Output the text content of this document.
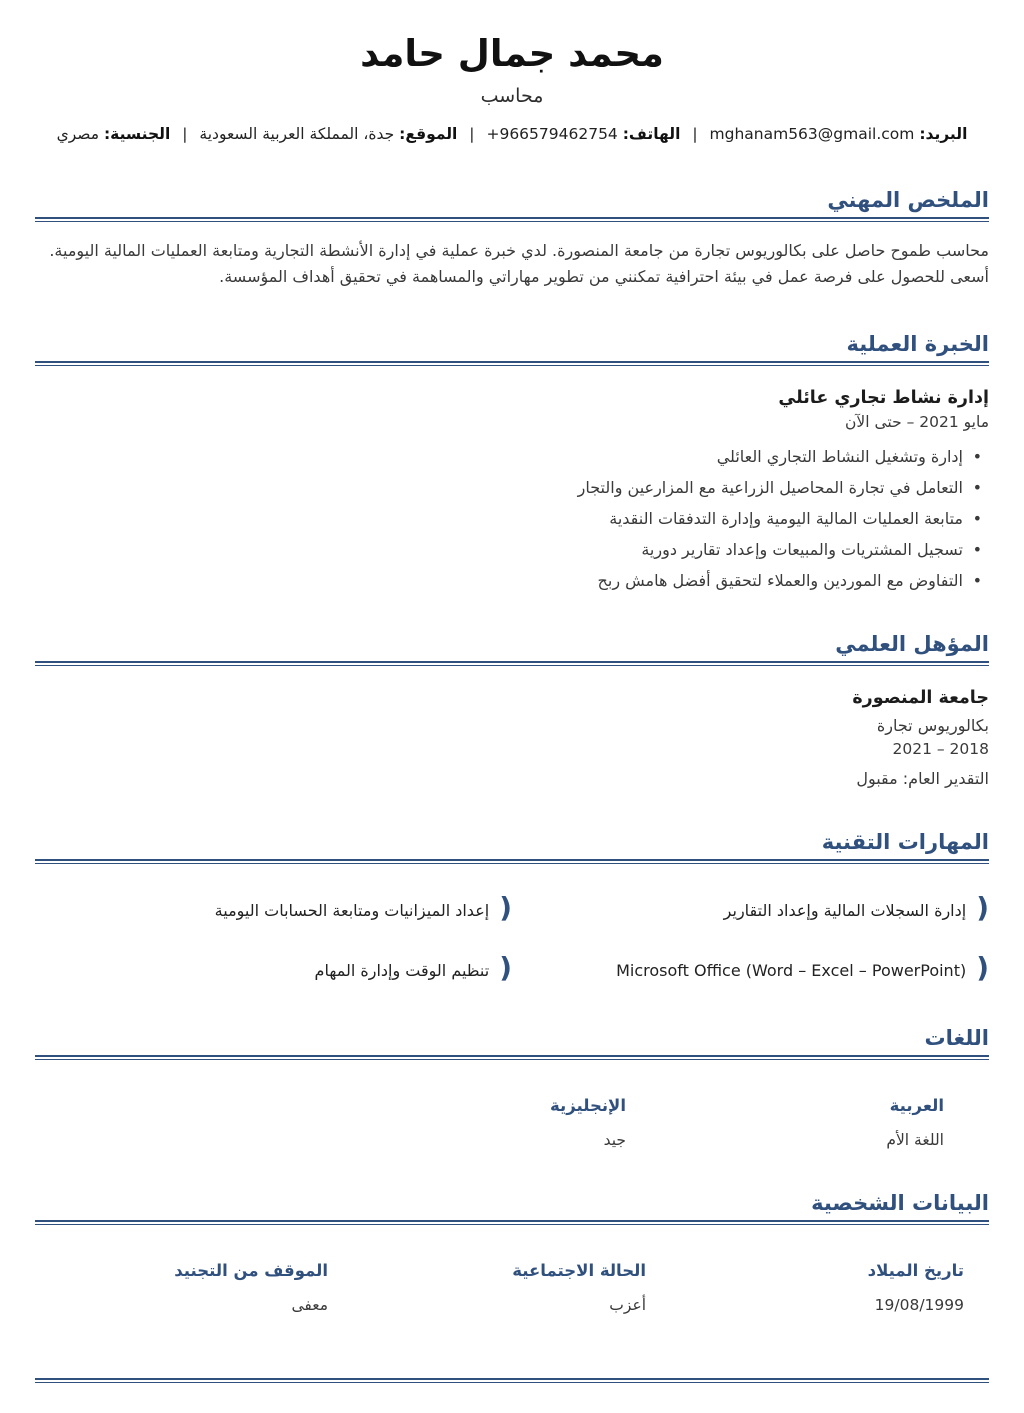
محمد جمال حامد
محاسب
البريد: mghanam563@gmail.com | الهاتف: +966579462754 | الموقع: جدة، المملكة العربية السعودية | الجنسية: مصري
الملخص المهني

محاسب طموح حاصل على بكالوريوس تجارة من جامعة المنصورة. لدي خبرة عملية في إدارة الأنشطة التجارية ومتابعة العمليات المالية اليومية. أسعى للحصول على فرصة عمل في بيئة احترافية تمكنني من تطوير مهاراتي والمساهمة في تحقيق أهداف المؤسسة.

الخبرة العملية
إدارة نشاط تجاري عائلي
مايو 2021 – حتى الآن
• إدارة وتشغيل النشاط التجاري العائلي
• التعامل في تجارة المحاصيل الزراعية مع المزارعين والتجار
• متابعة العمليات المالية اليومية وإدارة التدفقات النقدية
• تسجيل المشتريات والمبيعات وإعداد تقارير دورية
• التفاوض مع الموردين والعملاء لتحقيق أفضل هامش ربح
المؤهل العلمي
جامعة المنصورة
بكالوريوس تجارة
2018 – 2021
التقدير العام: مقبول
المهارات التقنية
(
إدارة السجلات المالية وإعداد التقارير
(
إعداد الميزانيات ومتابعة الحسابات اليومية
(
Microsoft Office (Word – Excel – PowerPoint)
(
تنظيم الوقت وإدارة المهام
اللغات
العربية
اللغة الأم
الإنجليزية
جيد
البيانات الشخصية
تاريخ الميلاد
19/08/1999
الحالة الاجتماعية
أعزب
الموقف من التجنيد
معفى
